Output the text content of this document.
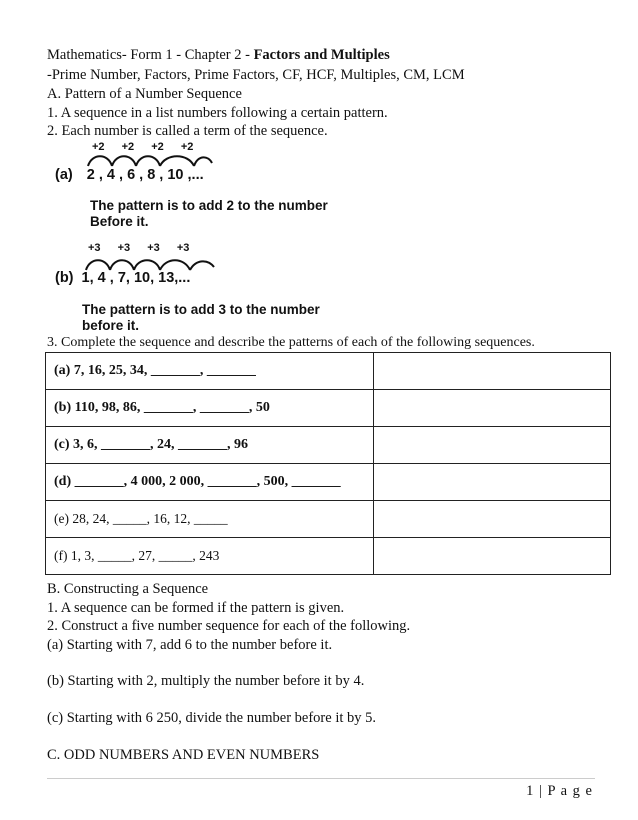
Mathematics- Form 1 - Chapter 2 - Factors and Multiples
-Prime Number, Factors, Prime Factors, CF, HCF, Multiples, CM, LCM
A. Pattern of a Number Sequence
1. A sequence in a list numbers following a certain pattern.
2. Each number is called a term of the sequence.
+2 +2 +2 +2
(a) 2 , 4 , 6 , 8 , 10 ,...
The pattern is to add 2 to the number
Before it.
+3 +3 +3 +3
(b) 1, 4 , 7, 10, 13,...
The pattern is to add 3 to the number
before it.
3. Complete the sequence and describe the patterns of each of the following sequences.
(a) 7, 16, 25, 34, _______, _______	
(b) 110, 98, 86, _______, _______, 50	
(c) 3, 6, _______, 24, _______, 96	
(d) _______, 4 000, 2 000, _______, 500, _______	
(e) 28, 24, _____, 16, 12, _____	
(f) 1, 3, _____, 27, _____, 243	
B. Constructing a Sequence
1. A sequence can be formed if the pattern is given.
2. Construct a five number sequence for each of the following.
(a) Starting with 7, add 6 to the number before it.
(b) Starting with 2, multiply the number before it by 4.
(c) Starting with 6 250, divide the number before it by 5.
C. ODD NUMBERS AND EVEN NUMBERS
1 | P a g e
